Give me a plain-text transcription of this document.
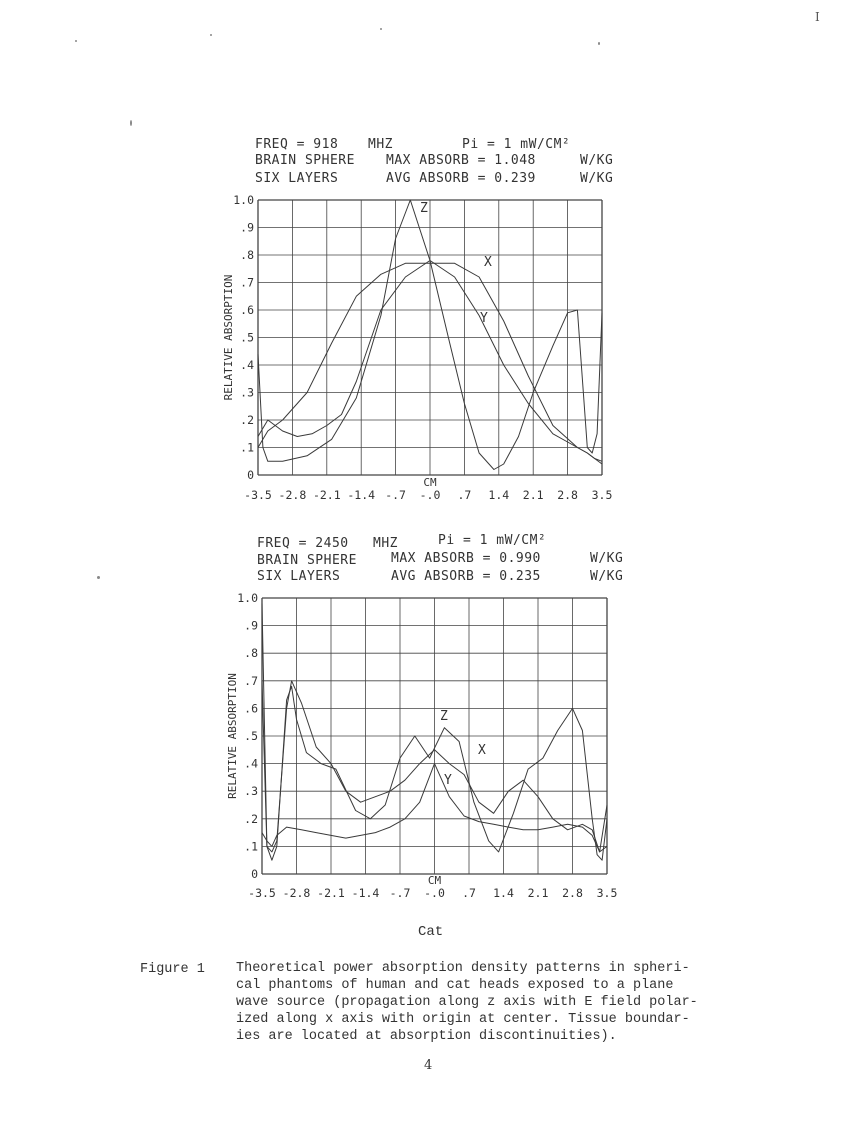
I
FREQ = 918 MHZ	Pi = 1 mW/CM²
BRAIN SPHERE MAX ABSORB = 1.048	W/KG
SIX LAYERS	AVG ABSORB = 0.239	W/KG
FREQ = 2450 MHZ	Pi = 1 mW/CM²
BRAIN SPHERE	MAX ABSORB = 0.990	W/KG
SIX LAYERS	AVG ABSORB = 0.235	W/KG
-3.5 -2.8 -2.1 -1.4 -.7 -.0 .7 1.4 2.1 2.8 3.5
0
.1
.2
.3
.4
.5
.6
.7
.8
.9
1.0
CM
RELATIVE ABSORPTION
Z
X
Y
-3.5 -2.8 -2.1 -1.4 -.7 -.0 .7 1.4 2.1 2.8 3.5
0
.1
.2
.3
.4
.5
.6
.7
.8
.9
1.0
CM
RELATIVE ABSORPTION	Z
X
Y
Cat
Figure 1 Theoretical power absorption density patterns in spheri-
cal phantoms of human and cat heads exposed to a plane
wave source (propagation along z axis with E field polar-
ized along x axis with origin at center. Tissue boundar-
ies are located at absorption discontinuities).
4
